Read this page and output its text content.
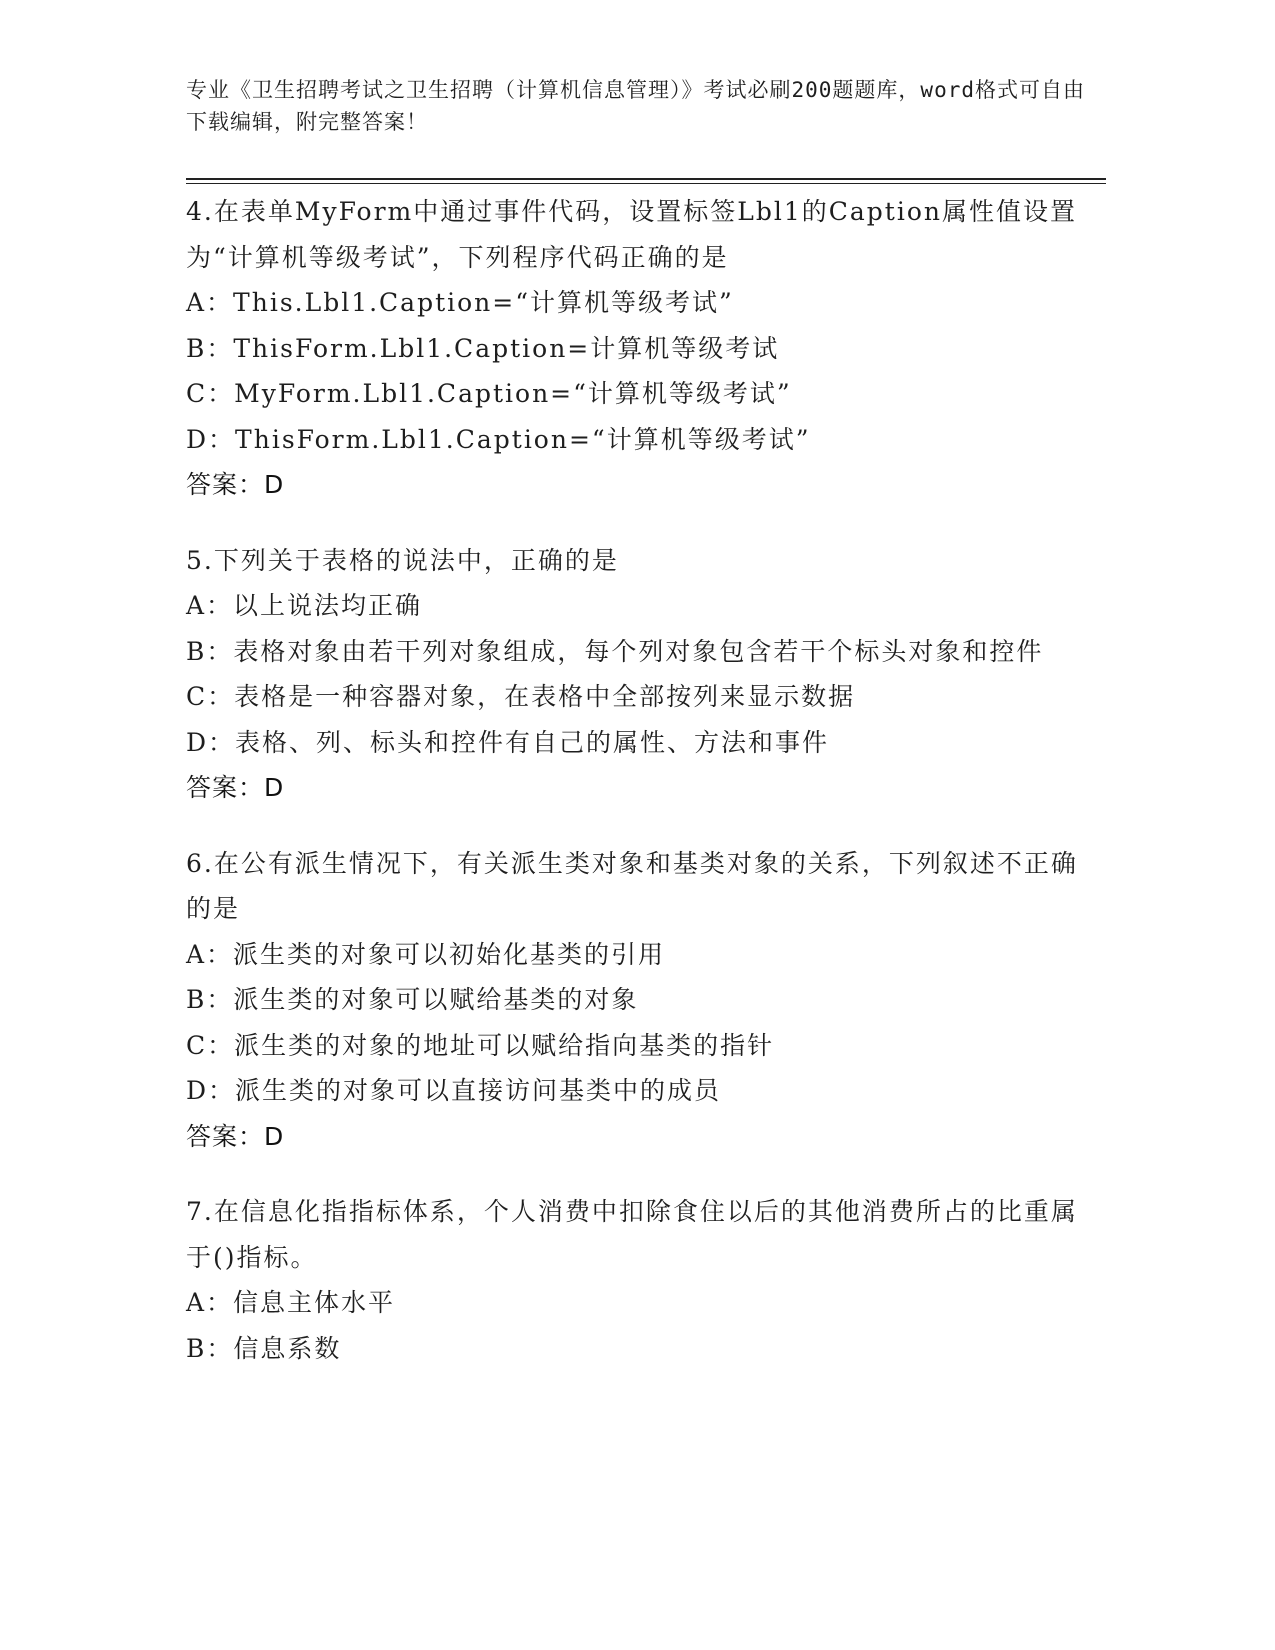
专业《卫生招聘考试之卫生招聘（计算机信息管理）》考试必刷200题题库，word格式可自由下载编辑，附完整答案！
4.在表单MyForm中通过事件代码，设置标签Lbl1的Caption属性值设置为“计算机等级考试”，下列程序代码正确的是
A：This.Lbl1.Caption=“计算机等级考试”
B：ThisForm.Lbl1.Caption=计算机等级考试
C：MyForm.Lbl1.Caption=“计算机等级考试”
D：ThisForm.Lbl1.Caption=“计算机等级考试”
答案：D
5.下列关于表格的说法中，正确的是
A：以上说法均正确
B：表格对象由若干列对象组成，每个列对象包含若干个标头对象和控件
C：表格是一种容器对象，在表格中全部按列来显示数据
D：表格、列、标头和控件有自己的属性、方法和事件
答案：D
6.在公有派生情况下，有关派生类对象和基类对象的关系，下列叙述不正确的是
A：派生类的对象可以初始化基类的引用
B：派生类的对象可以赋给基类的对象
C：派生类的对象的地址可以赋给指向基类的指针
D：派生类的对象可以直接访问基类中的成员
答案：D
7.在信息化指指标体系，个人消费中扣除食住以后的其他消费所占的比重属于()指标。
A：信息主体水平
B：信息系数
